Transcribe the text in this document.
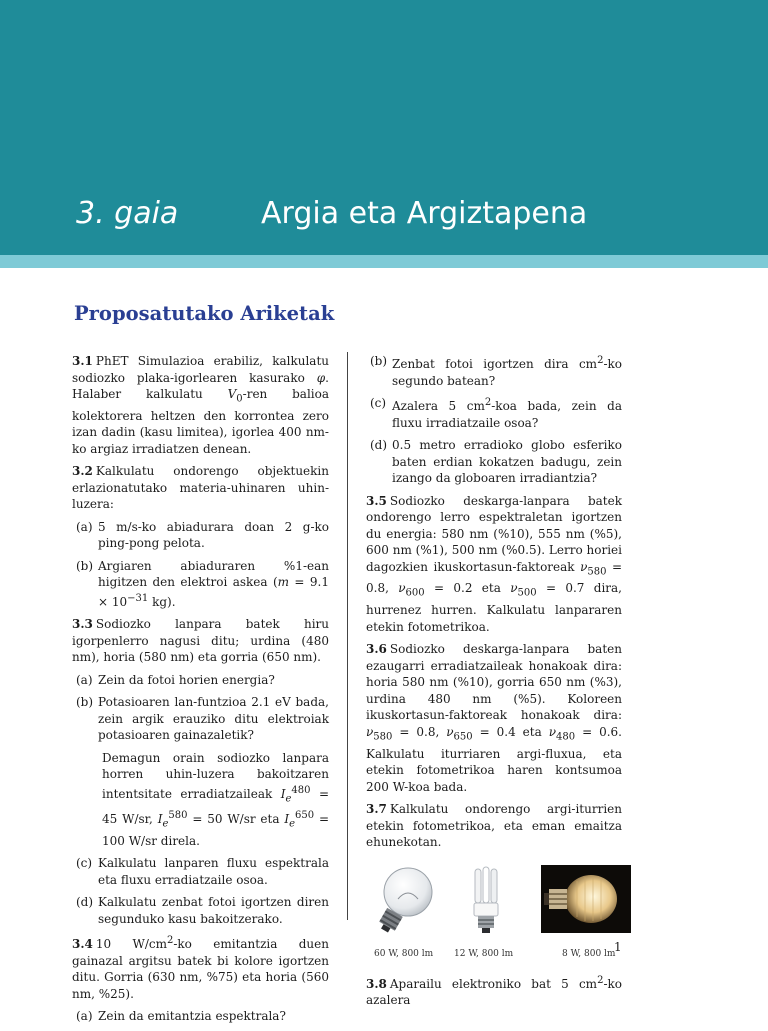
3. gaia	Argia eta Argiztapena
Proposatutako Ariketak

3.1 PhET Simulazioa erabiliz, kalkulatu sodiozko plaka-igorlearen kasurako φ. Halaber kalkulatu $V_0$-ren balioa kolektorera heltzen den korrontea zero izan dadin (kasu limitea), igorlea 400 nm-ko argiaz irradiatzen denean.

3.2 Kalkulatu ondorengo objektuekin erlazionatutako materia-uhinaren uhin-luzera:

(a) 5 m/s-ko abiadurara doan 2 g-ko ping-pong pelota.
(b) Argiaren abiaduraren %1-ean higitzen den elektroi askea ($m = 9.1 \times 10^{-31}$ kg).

3.3 Sodiozko lanpara batek hiru igorpenlerro nagusi ditu; urdina (480 nm), horia (580 nm) eta gorria (650 nm).

(a) Zein da fotoi horien energia?
(b) Potasioaren lan-funtzioa 2.1 eV bada, zein argik erauziko ditu elektroiak potasioaren gainazaletik?

Demagun orain sodiozko lanpara horren uhin-luzera bakoitzaren intentsitate erradiatzaileak $I_e^{480} = 45$ W/sr, $I_e^{580} = 50$ W/sr eta $I_e^{650} = 100$ W/sr direla.

(c) Kalkulatu lanparen fluxu espektrala eta fluxu erradiatzaile osoa.
(d) Kalkulatu zenbat fotoi igortzen diren segunduko kasu bakoitzerako.

3.4 10 $W/cm^2-ko$ emitantzia duen gainazal argitsu batek bi kolore igortzen ditu. Gorria (630 nm, %75) eta horia (560 nm, %25).

(a) Zein da emitantzia espektrala?
(b) Zenbat fotoi igortzen dira $cm^2-ko$ segundo batean?
(c) Azalera 5 $cm^2$-koa bada, zein da fluxu irradiatzaile osoa?
(d) 0.5 metro erradioko globo esferiko baten erdian kokatzen badugu, zein izango da globoaren irradiantzia?

3.5 Sodiozko deskarga-lanpara batek ondorengo lerro espektraletan igortzen du energia: 580 nm (%10), 555 nm (%5), 600 nm (%1), 500 nm (%0.5). Lerro horiei dagozkien ikuskortasun-faktoreak $\nu_{580} = 0.8$, $\nu_{600} = 0.2$ eta $\nu_{500} = 0.7$ dira, hurrenez hurren. Kalkulatu lanpararen etekin fotometrikoa.

3.6 Sodiozko deskarga-lanpara baten ezaugarri erradiatzaileak honakoak dira: horia 580 nm (%10), gorria 650 nm (%3), urdina 480 nm (%5). Koloreen ikuskortasun-faktoreak honakoak dira: $\nu_{580} = 0.8$, $\nu_{650} = 0.4$ eta $\nu_{480} = 0.6$. Kalkulatu iturriaren argi-fluxua, eta etekin fotometrikoa haren kontsumoa 200 W-koa bada.

3.7 Kalkulatu ondorengo argi-iturrien etekin fotometrikoa, eta eman emaitza ehunekotan.

60 W, 800 lm 12 W, 800 lm	8 W, 800 lm

3.8 Aparailu elektroniko bat 5 $cm^2-ko$ azalera

1
